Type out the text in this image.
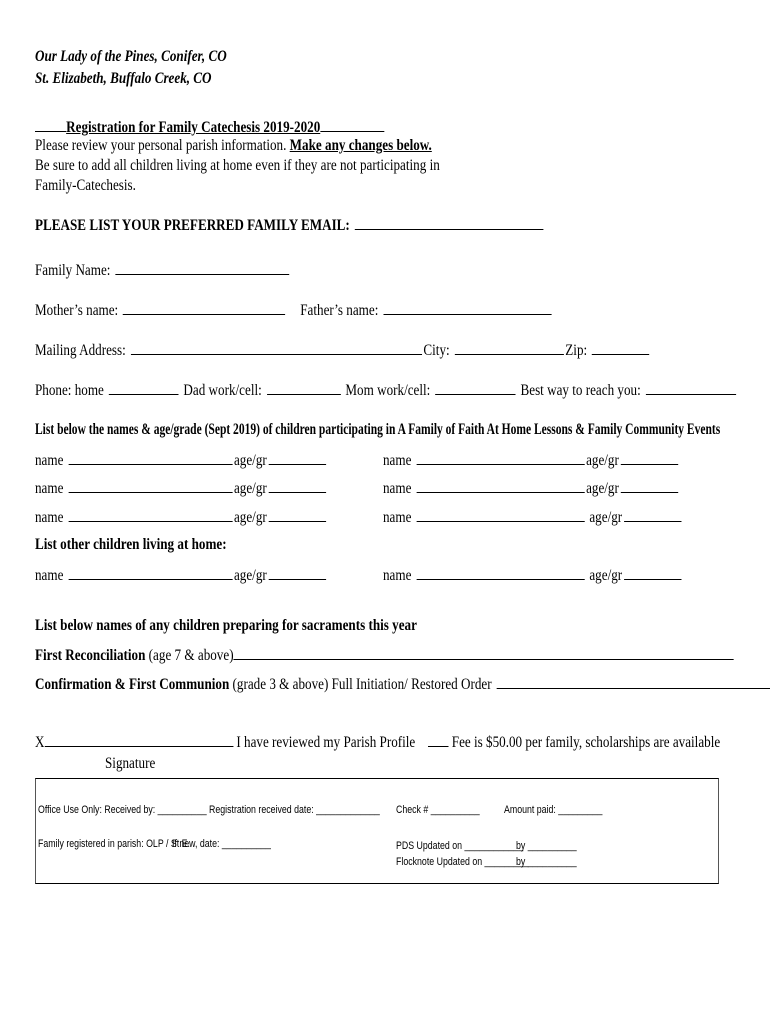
Our Lady of the Pines, Conifer, CO
St. Elizabeth, Buffalo Creek, CO
Registration for Family Catechesis 2019-2020
Please review your personal parish information. Make any changes below.
Be sure to add all children living at home even if they are not participating in
Family-Catechesis.
PLEASE LIST YOUR PREFERRED FAMILY EMAIL:
Family Name:
Mother’s name:	Father’s name:
Mailing Address:	City:	Zip:
Phone: home	Dad work/cell:	Mom work/cell:	Best way to reach you:
List below the names & age/grade (Sept 2019) of children participating in A Family of Faith At Home Lessons & Family Community Events
name	age/gr	name	age/gr
name	age/gr	name	age/gr
name	age/gr	name	age/gr
List other children living at home:
name	age/gr	name	age/gr
List below names of any children preparing for sacraments this year
First Reconciliation (age 7 & above)
Confirmation & First Communion (grade 3 & above) Full Initiation/ Restored Order
X	I have reviewed my Parish Profile	Fee is $50.00 per family, scholarships are available
Signature
Office Use Only: Received by: __________ Registration received date: _____________ Check # __________ Amount paid: _________
Family registered in parish: OLP / St E.
If new, date: __________	PDS Updated on ____________
by __________
Flocknote Updated on _________
by __________
